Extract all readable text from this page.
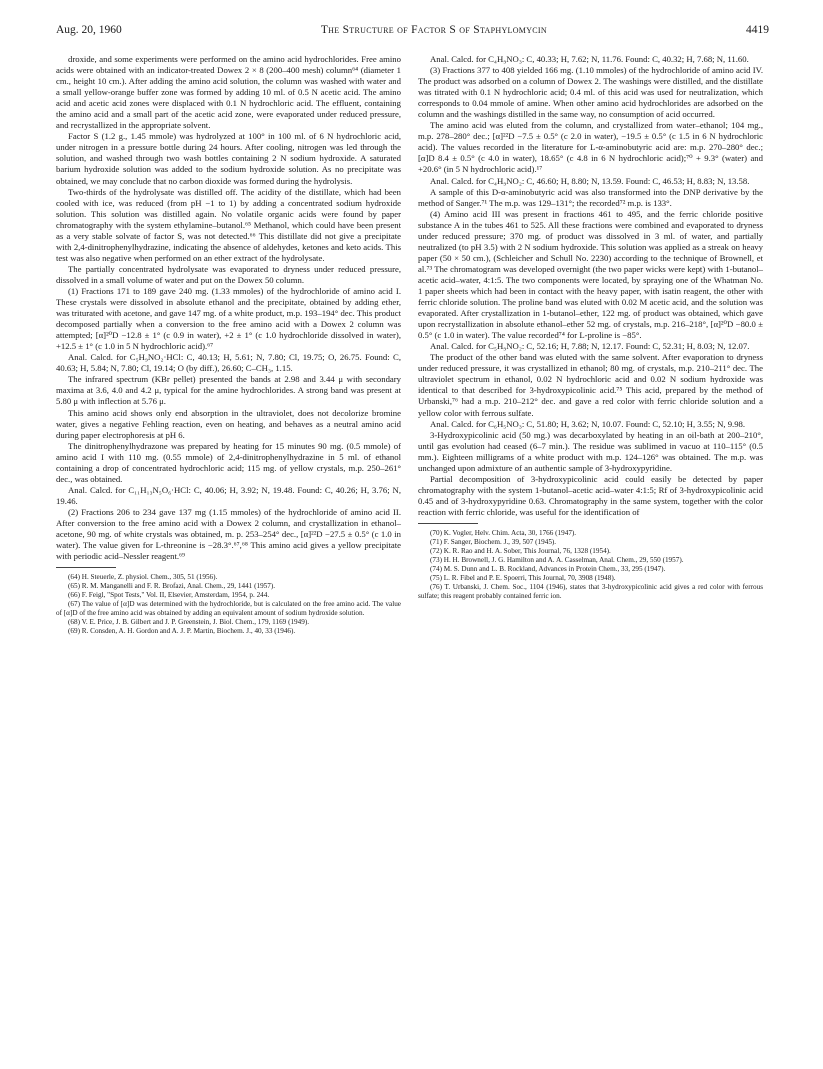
Aug. 20, 1960	The Structure of Factor S of Staphylomycin	4419

droxide, and some experiments were performed on the amino acid hydrochlorides. Free amino acids were obtained with an indicator-treated Dowex 2 × 8 (200–400 mesh) column⁶⁴ (diameter 1 cm., height 10 cm.). After adding the amino acid solution, the column was washed with water and a small yellow-orange buffer zone was formed by adding 10 ml. of 0.5 N acetic acid. The amino acid and acetic acid zones were displaced with 0.1 N hydrochloric acid. The effluent, containing the amino acid and a small part of the acetic acid zone, were evaporated under reduced pressure, and recrystallized in the appropriate solvent.

Factor S (1.2 g., 1.45 mmole) was hydrolyzed at 100° in 100 ml. of 6 N hydrochloric acid, under nitrogen in a pressure bottle during 24 hours. After cooling, nitrogen was led through the solution, and washed through two wash bottles containing 2 N sodium hydroxide. A saturated barium hydroxide solution was added to the sodium hydroxide solution. As no precipitate was obtained, we may conclude that no carbon dioxide was formed during the hydrolysis.

Two-thirds of the hydrolysate was distilled off. The acidity of the distillate, which had been cooled with ice, was reduced (from pH −1 to 1) by adding a concentrated sodium hydroxide solution. This solution was distilled again. No volatile organic acids were found by paper chromatography with the system ethylamine–butanol.⁶⁵ Methanol, which could have been present as a very stable solvate of factor S, was not detected.⁶⁶ This distillate did not give a precipitate with 2,4-dinitrophenylhydrazine, indicating the absence of aldehydes, ketones and keto acids. This test was also negative when performed on an ether extract of the hydrolysate.

The partially concentrated hydrolysate was evaporated to dryness under reduced pressure, dissolved in a small volume of water and put on the Dowex 50 column.

(1) Fractions 171 to 189 gave 240 mg. (1.33 mmoles) of the hydrochloride of amino acid I. These crystals were dissolved in absolute ethanol and the precipitate, obtained by adding ether, was triturated with acetone, and gave 147 mg. of a white product, m.p. 193–194° dec. This product decomposed partially when a conversion to the free amino acid with a Dowex 2 column was attempted; [α]²⁰D −12.8 ± 1° (c 0.9 in water), +2 ± 1° (c 1.0 hydrochloride dissolved in water), +12.5 ± 1° (c 1.0 in 5 N hydrochloric acid).⁶⁷

Anal. Calcd. for C₅H₉NO₂·HCl: C, 40.13; H, 5.61; N, 7.80; Cl, 19.75; O, 26.75. Found: C, 40.63; H, 5.84; N, 7.80; Cl, 19.14; O (by diff.), 26.60; C–CH₃, 1.15.

The infrared spectrum (KBr pellet) presented the bands at 2.98 and 3.44 μ with secondary maxima at 3.6, 4.0 and 4.2 μ, typical for the amine hydrochlorides. A strong band was present at 5.80 μ with inflection at 5.76 μ.

This amino acid shows only end absorption in the ultraviolet, does not decolorize bromine water, gives a negative Fehling reaction, even on heating, and behaves as a neutral amino acid during paper electrophoresis at pH 6.

The dinitrophenylhydrazone was prepared by heating for 15 minutes 90 mg. (0.5 mmole) of amino acid I with 110 mg. (0.55 mmole) of 2,4-dinitrophenylhydrazine in 5 ml. of ethanol containing a drop of concentrated hydrochloric acid; 115 mg. of yellow crystals, m.p. 250–261° dec., was obtained.

Anal. Calcd. for C₁₁H₁₃N₅O₆·HCl: C, 40.06; H, 3.92; N, 19.48. Found: C, 40.26; H, 3.76; N, 19.46.

(2) Fractions 206 to 234 gave 137 mg (1.15 mmoles) of the hydrochloride of amino acid II. After conversion to the free amino acid with a Dowex 2 column, and crystallization in ethanol–acetone, 90 mg. of white crystals was obtained, m. p. 253–254° dec., [α]²²D −27.5 ± 0.5° (c 1.0 in water). The value given for L-threonine is −28.3°.⁶⁷,⁶⁸ This amino acid gives a yellow precipitate with periodic acid–Nessler reagent.⁶⁹

(64) H. Steuerle, Z. physiol. Chem., 305, 51 (1956).

(65) R. M. Manganelli and F. R. Brofazi, Anal. Chem., 29, 1441 (1957).

(66) F. Feigl, "Spot Tests," Vol. II, Elsevier, Amsterdam, 1954, p. 244.

(67) The value of [α]D was determined with the hydrochloride, but is calculated on the free amino acid. The value of [α]D of the free amino acid was obtained by adding an equivalent amount of sodium hydroxide solution.

(68) V. E. Price, J. B. Gilbert and J. P. Greenstein, J. Biol. Chem., 179, 1169 (1949).

(69) R. Consden, A. H. Gordon and A. J. P. Martin, Biochem. J., 40, 33 (1946).

Anal. Calcd. for C₄H₉NO₃: C, 40.33; H, 7.62; N, 11.76. Found: C, 40.32; H, 7.68; N, 11.60.

(3) Fractions 377 to 408 yielded 166 mg. (1.10 mmoles) of the hydrochloride of amino acid IV. The product was adsorbed on a column of Dowex 2. The washings were distilled, and the distillate was titrated with 0.1 N hydrochloric acid; 0.4 ml. of this acid was used for neutralization, which corresponds to 0.04 mmole of amine. When other amino acid hydrochlorides are adsorbed on the column and the washings distilled in the same way, no consumption of acid occurred.

The amino acid was eluted from the column, and crystallized from water–ethanol; 104 mg., m.p. 278–280° dec.; [α]²²D −7.5 ± 0.5° (c 2.0 in water), −19.5 ± 0.5° (c 1.5 in 6 N hydrochloric acid). The values recorded in the literature for L-α-aminobutyric acid are: m.p. 270–280° dec.; [α]D 8.4 ± 0.5° (c 4.0 in water), 18.65° (c 4.8 in 6 N hydrochloric acid);⁷⁰ + 9.3° (water) and +20.6° (in 5 N hydrochloric acid).¹⁷

Anal. Calcd. for C₄H₉NO₂: C, 46.60; H, 8.80; N, 13.59. Found: C, 46.53; H, 8.83; N, 13.58.

A sample of this D-α-aminobutyric acid was also transformed into the DNP derivative by the method of Sanger.⁷¹ The m.p. was 129–131°; the recorded⁷² m.p. is 133°.

(4) Amino acid III was present in fractions 461 to 495, and the ferric chloride positive substance A in the tubes 461 to 525. All these fractions were combined and evaporated to dryness under reduced pressure; 370 mg. of product was dissolved in 3 ml. of water, and partially neutralized (to pH 3.5) with 2 N sodium hydroxide. This solution was applied as a streak on heavy paper (50 × 50 cm.), (Schleicher and Schull No. 2230) according to the technique of Brownell, et al.⁷³ The chromatogram was developed overnight (the two paper wicks were kept) with 1-butanol–acetic acid–water, 4:1:5. The two components were located, by spraying one of the Whatman No. 1 paper sheets which had been in contact with the heavy paper, with isatin reagent, the other with ferric chloride solution. The proline band was eluted with 0.02 M acetic acid, and the solution was evaporated. After crystallization in 1-butanol–ether, 122 mg. of product was obtained, which gave upon recrystallization in absolute ethanol–ether 52 mg. of crystals, m.p. 216–218°, [α]²⁰D −80.0 ± 0.5° (c 1.0 in water). The value recorded⁷⁴ for L-proline is −85°.

Anal. Calcd. for C₅H₉NO₂: C, 52.16; H, 7.88; N, 12.17. Found: C, 52.31; H, 8.03; N, 12.07.

The product of the other band was eluted with the same solvent. After evaporation to dryness under reduced pressure, it was crystallized in ethanol; 80 mg. of crystals, m.p. 210–211° dec. The ultraviolet spectrum in ethanol, 0.02 N hydrochloric acid and 0.02 N sodium hydroxide was identical to that described for 3-hydroxypicolinic acid.⁷⁵ This acid, prepared by the method of Urbanski,⁷⁶ had a m.p. 210–212° dec. and gave a red color with ferric chloride solution and a yellow color with ferrous sulfate.

Anal. Calcd. for C₆H₅NO₃: C, 51.80; H, 3.62; N, 10.07. Found: C, 52.10; H, 3.55; N, 9.98.

3-Hydroxypicolinic acid (50 mg.) was decarboxylated by heating in an oil-bath at 200–210°, until gas evolution had ceased (6–7 min.). The residue was sublimed in vacuo at 110–115° (0.5 mm.). Eighteen milligrams of a white product with m.p. 124–126° was obtained. The m.p. was unchanged upon admixture of an authentic sample of 3-hydroxypyridine.

Partial decomposition of 3-hydroxypicolinic acid could easily be detected by paper chromatography with the system 1-butanol–acetic acid–water 4:1:5; Rf of 3-hydroxypicolinic acid 0.45 and of 3-hydroxypyridine 0.63. Chromatography in the same system, together with the color reaction with ferric chloride, was useful for the identification of

(70) K. Vogler, Helv. Chim. Acta, 30, 1766 (1947).

(71) F. Sanger, Biochem. J., 39, 507 (1945).

(72) K. R. Rao and H. A. Sober, This Journal, 76, 1328 (1954).

(73) H. H. Brownell, J. G. Hamilton and A. A. Casselman, Anal. Chem., 29, 550 (1957).

(74) M. S. Dunn and L. B. Rockland, Advances in Protein Chem., 33, 295 (1947).

(75) L. R. Fibel and P. E. Spoerri, This Journal, 70, 3908 (1948).

(76) T. Urbanski, J. Chem. Soc., 1104 (1946), states that 3-hydroxypicolinic acid gives a red color with ferrous sulfate; this reagent probably contained ferric ion.
